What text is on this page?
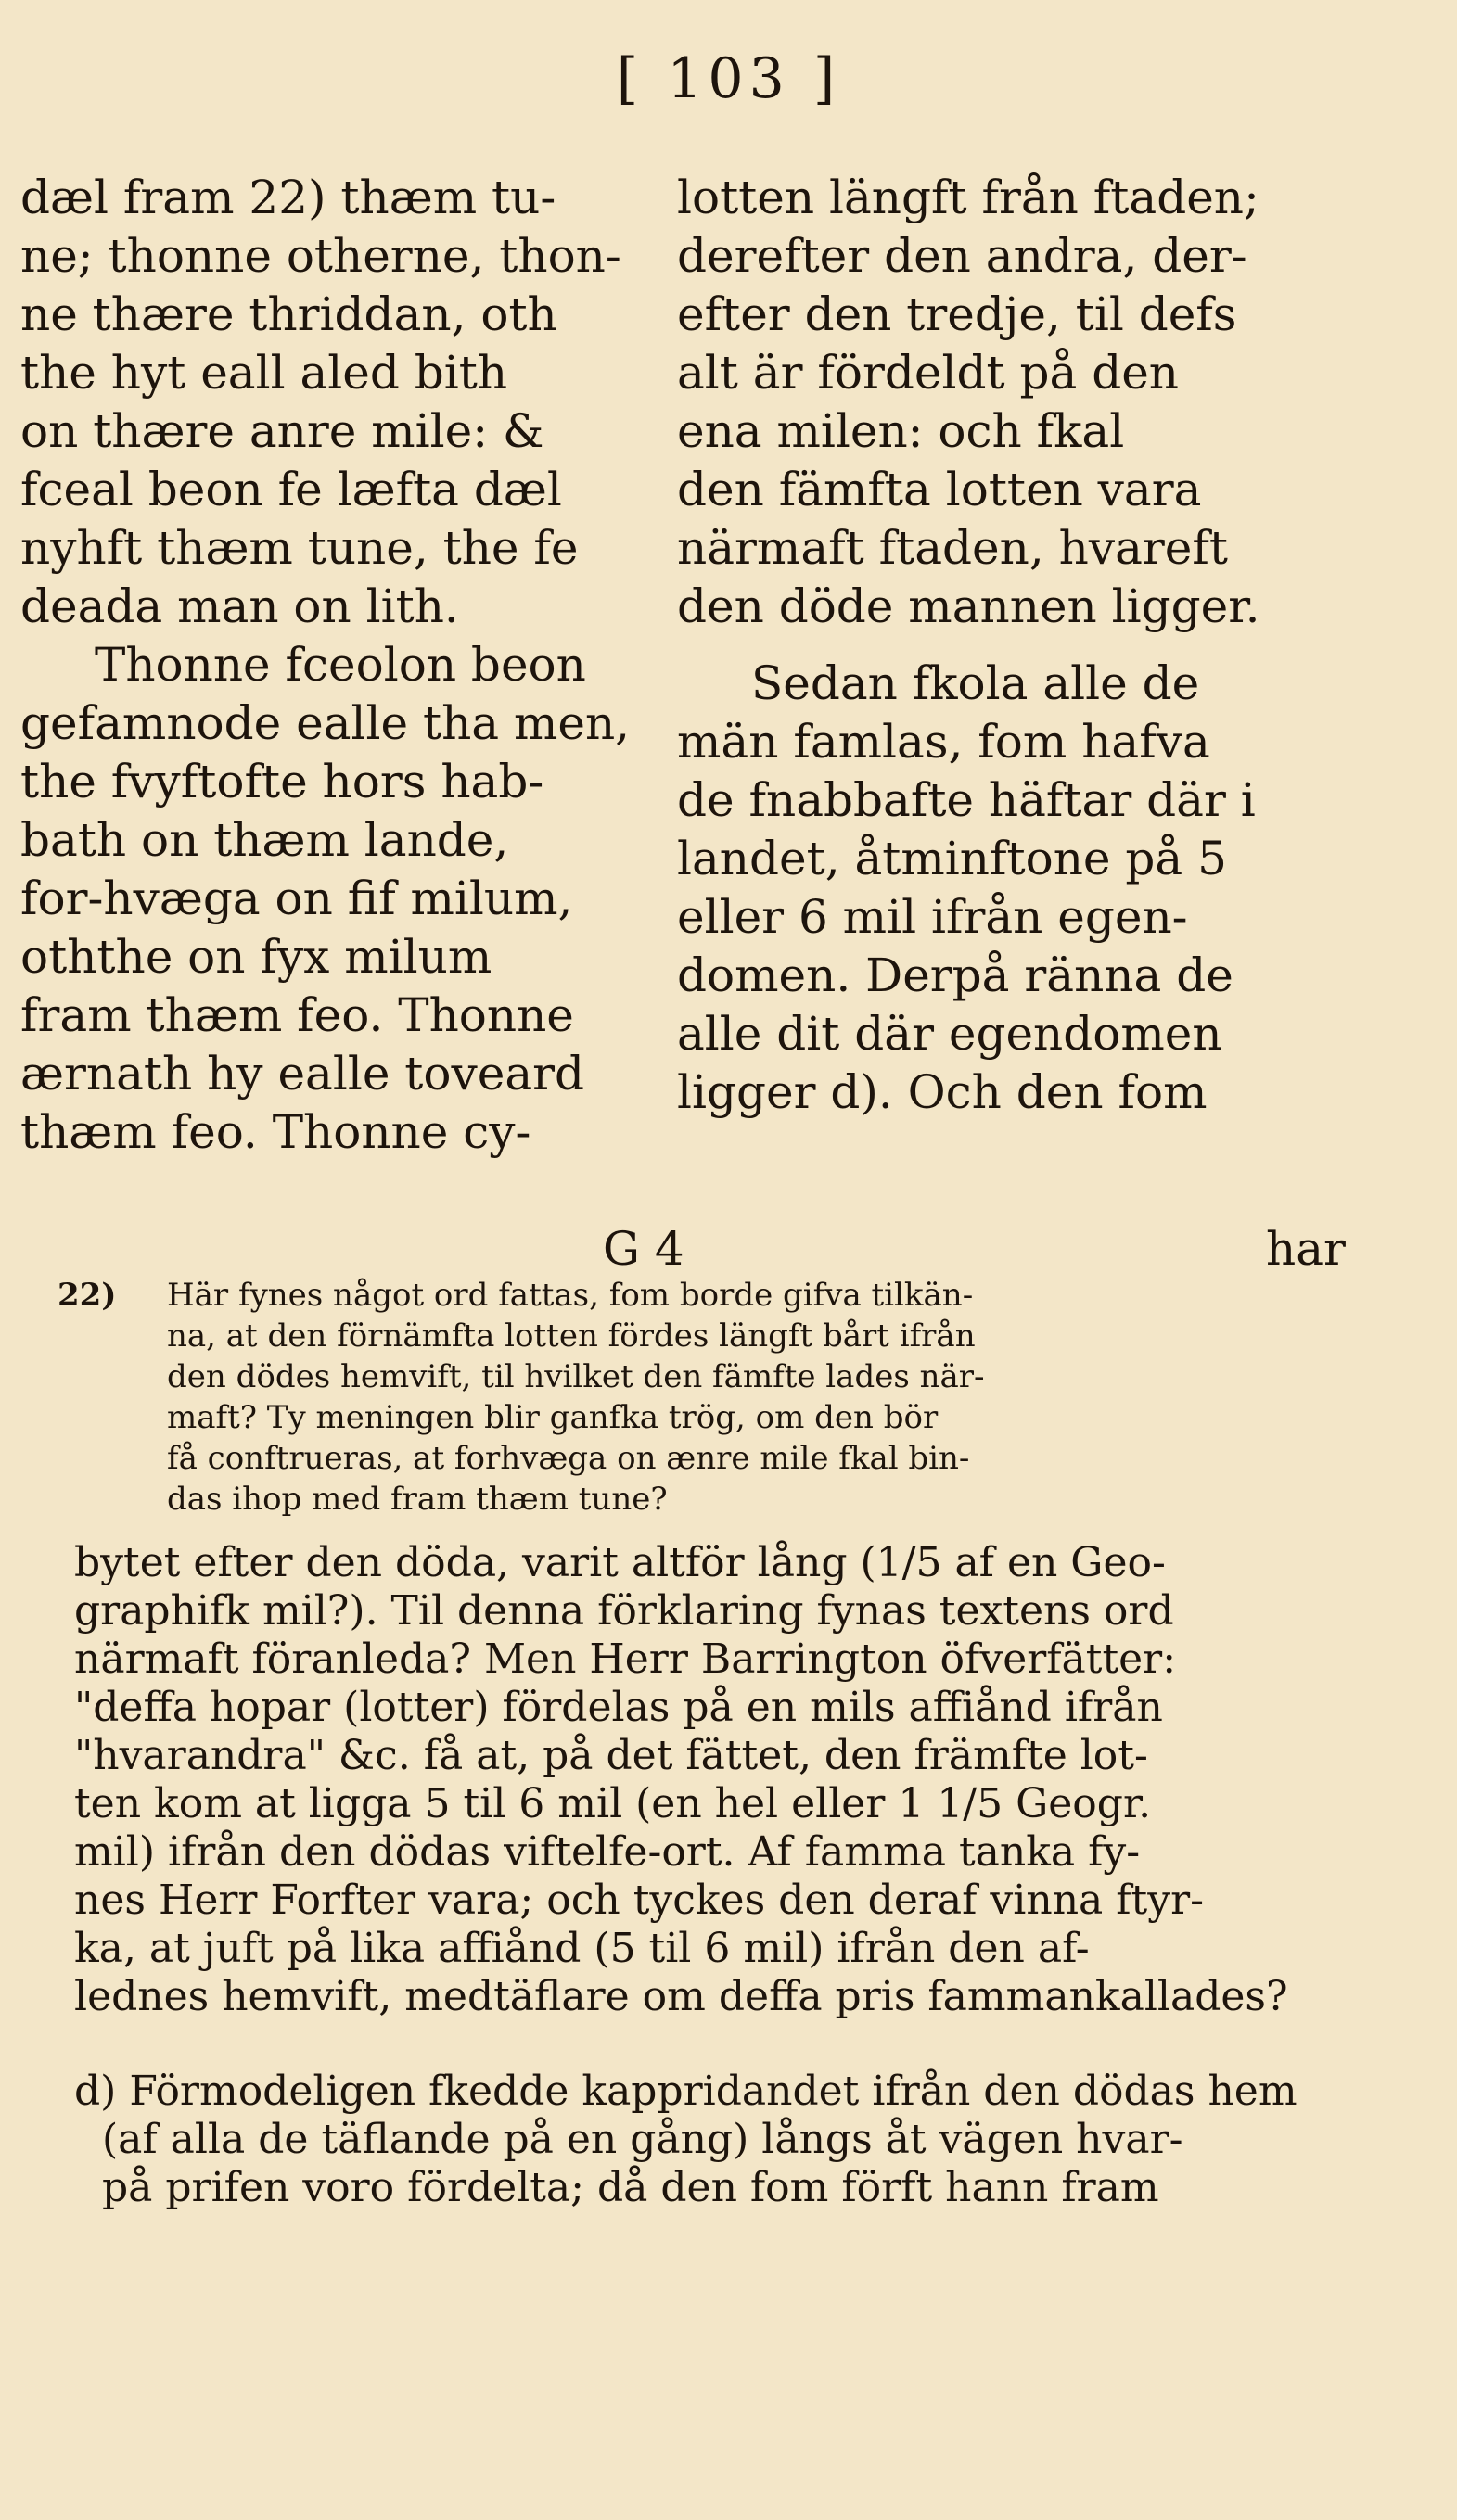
[ 103 ]
dæl fram 22) thæm tu-
ne; thonne otherne, thon-
ne thære thriddan, oth
the hyt eall aled bith
on thære anre mile: &
fceal beon fe læfta dæl
nyhft thæm tune, the fe
deada man on lith.
Thonne fceolon beon
gefamnode ealle tha men,
the fvyftofte hors hab-
bath on thæm lande,
for-hvæga on fif milum,
oththe on fyx milum
fram thæm feo. Thonne
ærnath hy ealle toveard
thæm feo. Thonne cy-
lotten längft från ftaden;
derefter den andra, der-
efter den tredje, til defs
alt är fördeldt på den
ena milen: och fkal
den fämfta lotten vara
närmaft ftaden, hvareft
den döde mannen ligger.
Sedan fkola alle de
män famlas, fom hafva
de fnabbafte häftar där i
landet, åtminftone på 5
eller 6 mil ifrån egen-
domen. Derpå ränna de
alle dit där egendomen
ligger d). Och den fom
G 4	har
22) Här fynes något ord fattas, fom borde gifva tilkän-
na, at den förnämfta lotten fördes längft bårt ifrån
den dödes hemvift, til hvilket den fämfte lades när-
maft? Ty meningen blir ganfka trög, om den bör
få conftrueras, at forhvæga on ænre mile fkal bin-
das ihop med fram thæm tune?
bytet efter den döda, varit altför lång (1/5 af en Geo-
graphifk mil?). Til denna förklaring fynas textens ord
närmaft föranleda? Men Herr Barrington öfverfätter:
"deffa hopar (lotter) fördelas på en mils affiånd ifrån
"hvarandra" &c. få at, på det fättet, den främfte lot-
ten kom at ligga 5 til 6 mil (en hel eller 1 1/5 Geogr.
mil) ifrån den dödas viftelfe-ort. Af famma tanka fy-
nes Herr Forfter vara; och tyckes den deraf vinna ftyr-
ka, at juft på lika affiånd (5 til 6 mil) ifrån den af-
lednes hemvift, medtäflare om deffa pris fammankallades?
d) Förmodeligen fkedde kappridandet ifrån den dödas hem
(af alla de täflande på en gång) långs åt vägen hvar-
på prifen voro fördelta; då den fom förft hann fram
